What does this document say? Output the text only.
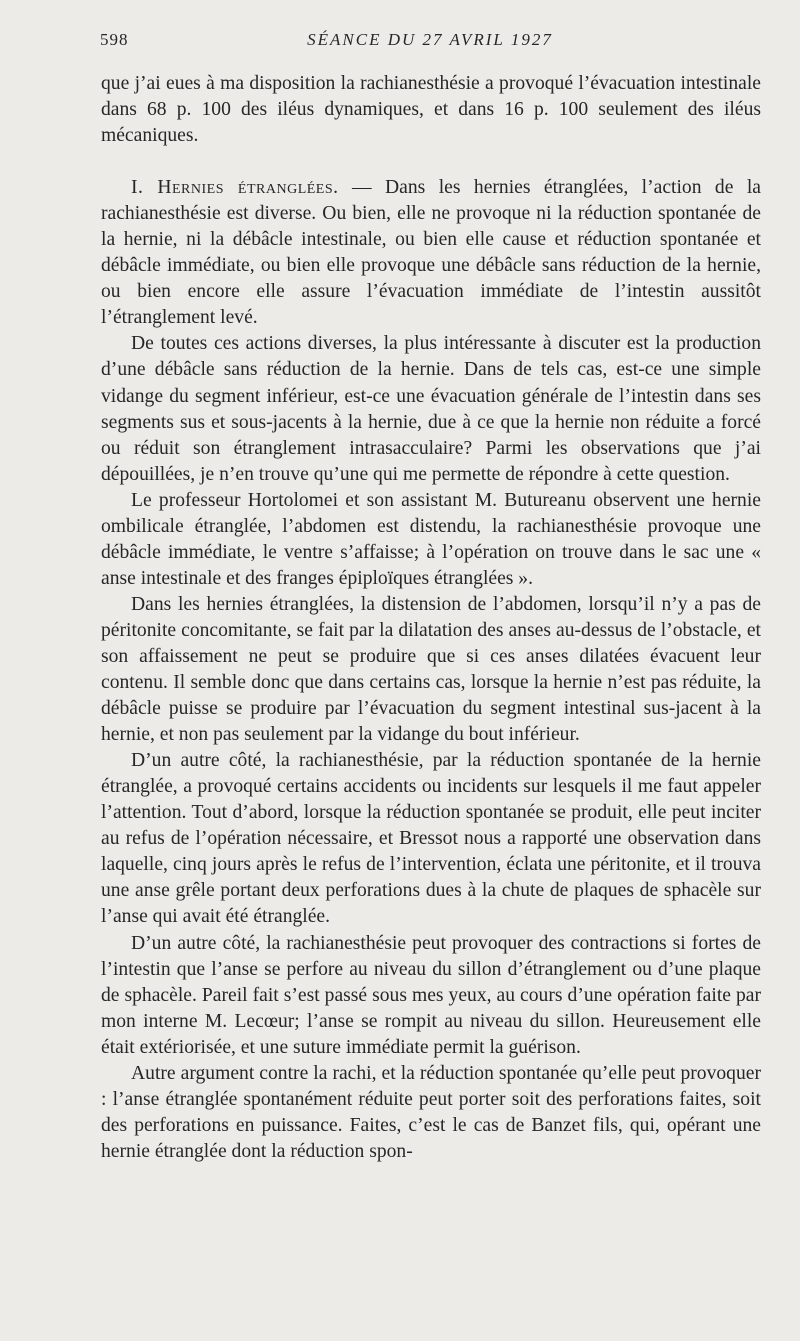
598	SÉANCE DU 27 AVRIL 1927

que j’ai eues à ma disposition la rachianesthésie a provoqué l’évacuation intestinale dans 68 p. 100 des iléus dynamiques, et dans 16 p. 100 seulement des iléus mécaniques.

I. Hernies étranglées. — Dans les hernies étranglées, l’action de la rachianesthésie est diverse. Ou bien, elle ne provoque ni la réduction spontanée de la hernie, ni la débâcle intestinale, ou bien elle cause et réduction spontanée et débâcle immédiate, ou bien elle provoque une débâcle sans réduction de la hernie, ou bien encore elle assure l’évacuation immédiate de l’intestin aussitôt l’étranglement levé.

De toutes ces actions diverses, la plus intéressante à discuter est la production d’une débâcle sans réduction de la hernie. Dans de tels cas, est-ce une simple vidange du segment inférieur, est-ce une évacuation générale de l’intestin dans ses segments sus et sous-jacents à la hernie, due à ce que la hernie non réduite a forcé ou réduit son étranglement intrasacculaire? Parmi les observations que j’ai dépouillées, je n’en trouve qu’une qui me permette de répondre à cette question.

Le professeur Hortolomei et son assistant M. Butureanu observent une hernie ombilicale étranglée, l’abdomen est distendu, la rachianesthésie provoque une débâcle immédiate, le ventre s’affaisse; à l’opération on trouve dans le sac une « anse intestinale et des franges épiploïques étranglées ».

Dans les hernies étranglées, la distension de l’abdomen, lorsqu’il n’y a pas de péritonite concomitante, se fait par la dilatation des anses au-dessus de l’obstacle, et son affaissement ne peut se produire que si ces anses dilatées évacuent leur contenu. Il semble donc que dans certains cas, lorsque la hernie n’est pas réduite, la débâcle puisse se produire par l’évacuation du segment intestinal sus-jacent à la hernie, et non pas seulement par la vidange du bout inférieur.

D’un autre côté, la rachianesthésie, par la réduction spontanée de la hernie étranglée, a provoqué certains accidents ou incidents sur lesquels il me faut appeler l’attention. Tout d’abord, lorsque la réduction spontanée se produit, elle peut inciter au refus de l’opération nécessaire, et Bressot nous a rapporté une observation dans laquelle, cinq jours après le refus de l’intervention, éclata une péritonite, et il trouva une anse grêle portant deux perforations dues à la chute de plaques de sphacèle sur l’anse qui avait été étranglée.

D’un autre côté, la rachianesthésie peut provoquer des contractions si fortes de l’intestin que l’anse se perfore au niveau du sillon d’étranglement ou d’une plaque de sphacèle. Pareil fait s’est passé sous mes yeux, au cours d’une opération faite par mon interne M. Lecœur; l’anse se rompit au niveau du sillon. Heureusement elle était extériorisée, et une suture immédiate permit la guérison.

Autre argument contre la rachi, et la réduction spontanée qu’elle peut provoquer : l’anse étranglée spontanément réduite peut porter soit des perforations faites, soit des perforations en puissance. Faites, c’est le cas de Banzet fils, qui, opérant une hernie étranglée dont la réduction spon-
